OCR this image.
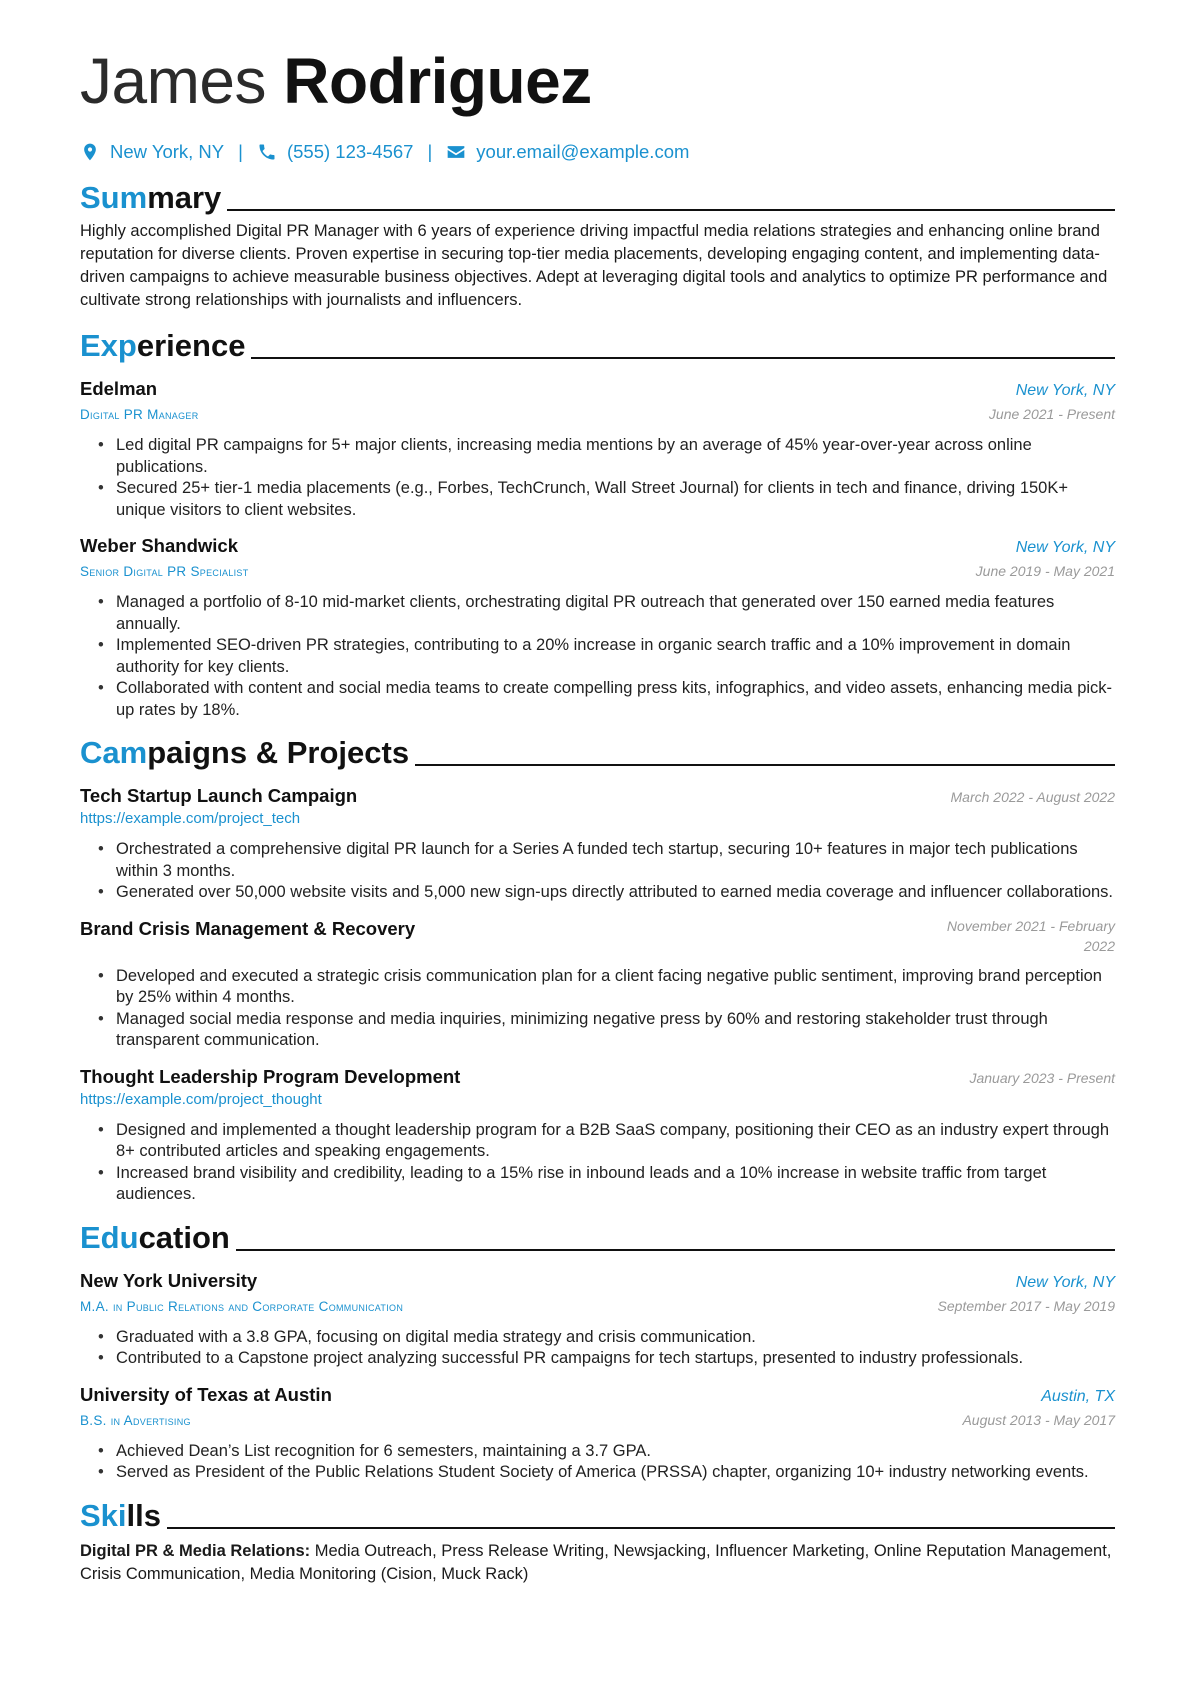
James Rodriguez
New York, NY | (555) 123-4567 | your.email@example.com
Summary
Highly accomplished Digital PR Manager with 6 years of experience driving impactful media relations strategies and enhancing online brand reputation for diverse clients. Proven expertise in securing top-tier media placements, developing engaging content, and implementing data-driven campaigns to achieve measurable business objectives. Adept at leveraging digital tools and analytics to optimize PR performance and cultivate strong relationships with journalists and influencers.
Experience
Edelman	New York, NY
Digital PR Manager	June 2021 - Present
• Led digital PR campaigns for 5+ major clients, increasing media mentions by an average of 45% year-over-year across online publications.
• Secured 25+ tier-1 media placements (e.g., Forbes, TechCrunch, Wall Street Journal) for clients in tech and finance, driving 150K+ unique visitors to client websites.
Weber Shandwick	New York, NY
Senior Digital PR Specialist	June 2019 - May 2021
• Managed a portfolio of 8-10 mid-market clients, orchestrating digital PR outreach that generated over 150 earned media features annually.
• Implemented SEO-driven PR strategies, contributing to a 20% increase in organic search traffic and a 10% improvement in domain authority for key clients.
• Collaborated with content and social media teams to create compelling press kits, infographics, and video assets, enhancing media pick-up rates by 18%.
Campaigns & Projects
Tech Startup Launch Campaign	March 2022 - August 2022
https://example.com/project_tech
• Orchestrated a comprehensive digital PR launch for a Series A funded tech startup, securing 10+ features in major tech publications within 3 months.
• Generated over 50,000 website visits and 5,000 new sign-ups directly attributed to earned media coverage and influencer collaborations.
Brand Crisis Management & Recovery	November 2021 - February 2022
• Developed and executed a strategic crisis communication plan for a client facing negative public sentiment, improving brand perception by 25% within 4 months.
• Managed social media response and media inquiries, minimizing negative press by 60% and restoring stakeholder trust through transparent communication.
Thought Leadership Program Development	January 2023 - Present
https://example.com/project_thought
• Designed and implemented a thought leadership program for a B2B SaaS company, positioning their CEO as an industry expert through 8+ contributed articles and speaking engagements.
• Increased brand visibility and credibility, leading to a 15% rise in inbound leads and a 10% increase in website traffic from target audiences.
Education
New York University	New York, NY
M.A. in Public Relations and Corporate Communication	September 2017 - May 2019
• Graduated with a 3.8 GPA, focusing on digital media strategy and crisis communication.
• Contributed to a Capstone project analyzing successful PR campaigns for tech startups, presented to industry professionals.
University of Texas at Austin	Austin, TX
B.S. in Advertising	August 2013 - May 2017
• Achieved Dean’s List recognition for 6 semesters, maintaining a 3.7 GPA.
• Served as President of the Public Relations Student Society of America (PRSSA) chapter, organizing 10+ industry networking events.
Skills
Digital PR & Media Relations: Media Outreach, Press Release Writing, Newsjacking, Influencer Marketing, Online Reputation Management, Crisis Communication, Media Monitoring (Cision, Muck Rack)
